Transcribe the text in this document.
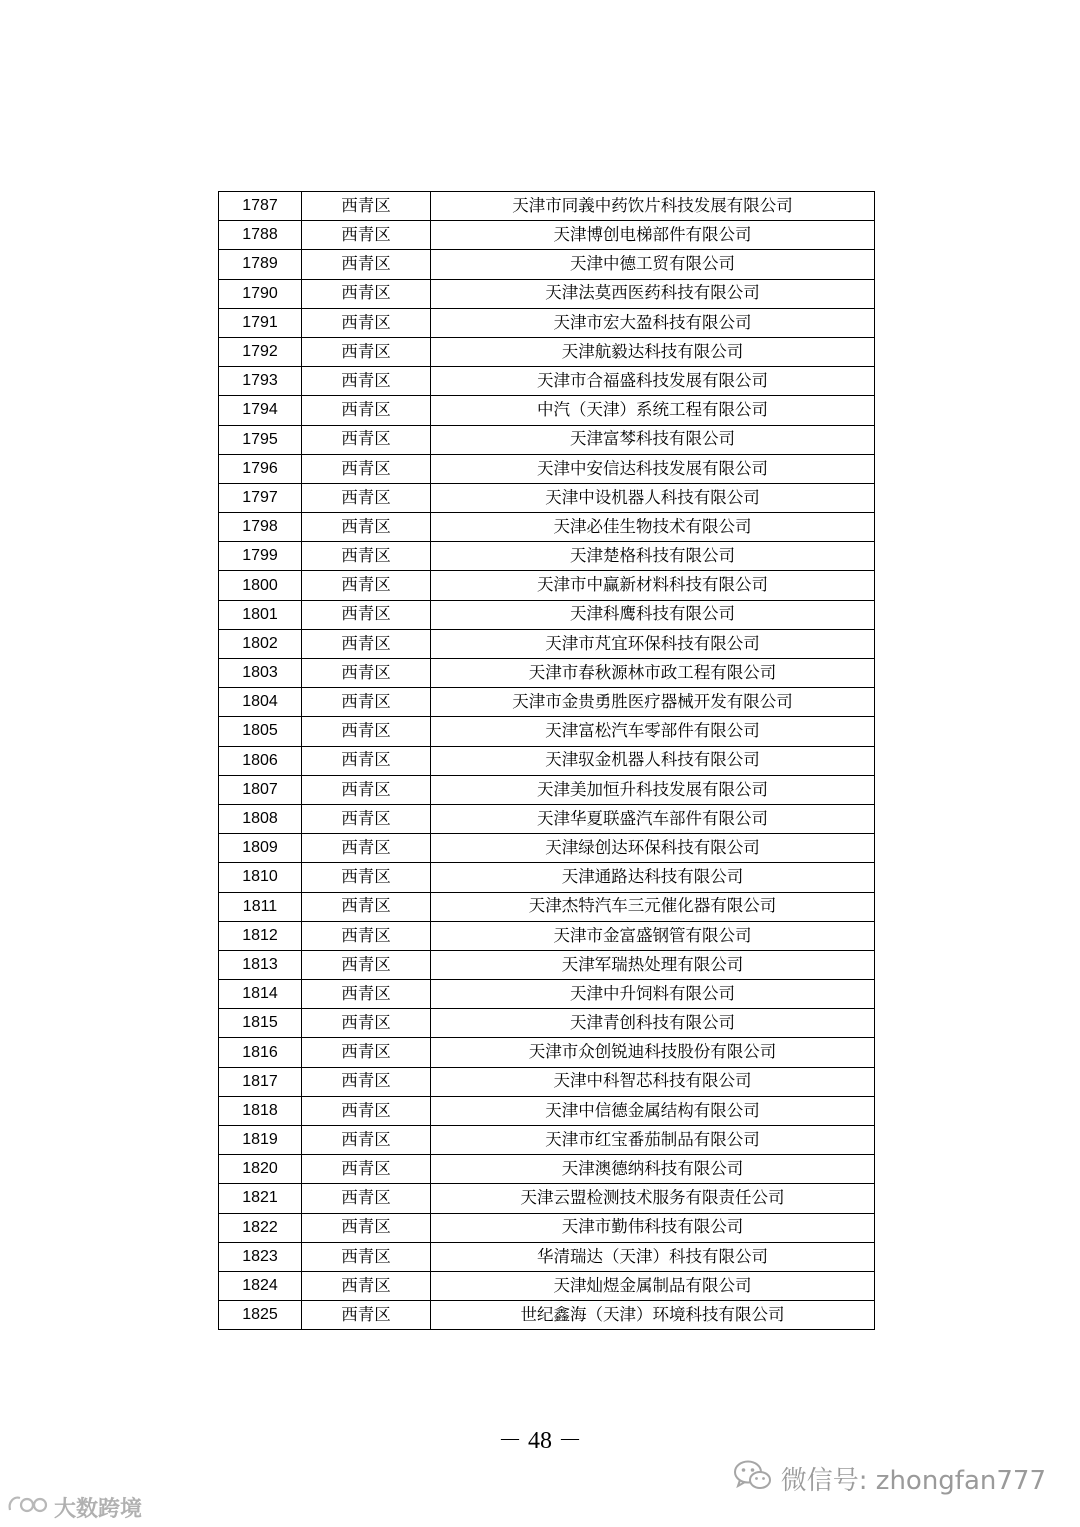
1787	西青区	天津市同義中药饮片科技发展有限公司
1788	西青区	天津博创电梯部件有限公司
1789	西青区	天津中德工贸有限公司
1790	西青区	天津法莫西医药科技有限公司
1791	西青区	天津市宏大盈科技有限公司
1792	西青区	天津航毅达科技有限公司
1793	西青区	天津市合福盛科技发展有限公司
1794	西青区	中汽（天津）系统工程有限公司
1795	西青区	天津富棽科技有限公司
1796	西青区	天津中安信达科技发展有限公司
1797	西青区	天津中设机器人科技有限公司
1798	西青区	天津必佳生物技术有限公司
1799	西青区	天津楚格科技有限公司
1800	西青区	天津市中赢新材料科技有限公司
1801	西青区	天津科鹰科技有限公司
1802	西青区	天津市芃宜环保科技有限公司
1803	西青区	天津市春秋源林市政工程有限公司
1804	西青区	天津市金贵勇胜医疗器械开发有限公司
1805	西青区	天津富松汽车零部件有限公司
1806	西青区	天津驭金机器人科技有限公司
1807	西青区	天津美加恒升科技发展有限公司
1808	西青区	天津华夏联盛汽车部件有限公司
1809	西青区	天津绿创达环保科技有限公司
1810	西青区	天津通路达科技有限公司
1811	西青区	天津杰特汽车三元催化器有限公司
1812	西青区	天津市金富盛钢管有限公司
1813	西青区	天津军瑞热处理有限公司
1814	西青区	天津中升饲料有限公司
1815	西青区	天津青创科技有限公司
1816	西青区	天津市众创锐迪科技股份有限公司
1817	西青区	天津中科智芯科技有限公司
1818	西青区	天津中信德金属结构有限公司
1819	西青区	天津市红宝番茄制品有限公司
1820	西青区	天津澳德纳科技有限公司
1821	西青区	天津云盟检测技术服务有限责任公司
1822	西青区	天津市勤伟科技有限公司
1823	西青区	华清瑞达（天津）科技有限公司
1824	西青区	天津灿煜金属制品有限公司
1825	西青区	世纪鑫海（天津）环境科技有限公司
－ 48 －
微信号: zhongfan777
大数跨境
